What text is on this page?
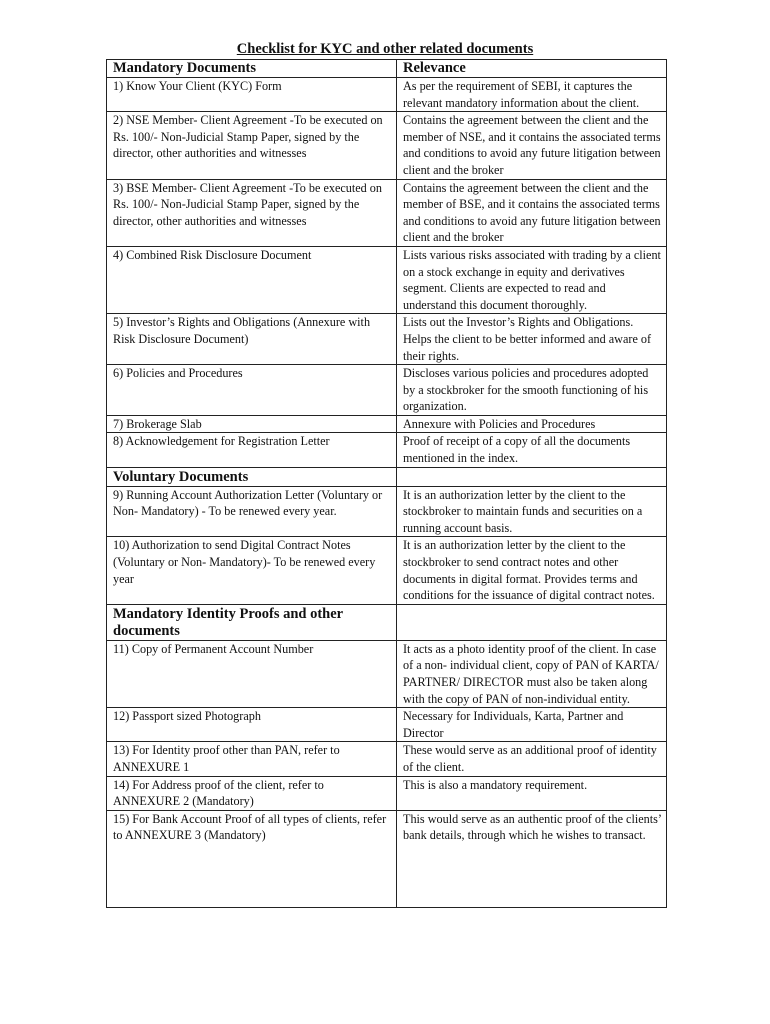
Checklist for KYC and other related documents
Mandatory Documents	Relevance
1) Know Your Client (KYC) Form	As per the requirement of SEBI, it captures the relevant mandatory information about the client.
2) NSE Member- Client Agreement -To be executed on Rs. 100/- Non-Judicial Stamp Paper, signed by the director, other authorities and witnesses	Contains the agreement between the client and the member of NSE, and it contains the associated terms and conditions to avoid any future litigation between client and the broker
3) BSE Member- Client Agreement -To be executed on Rs. 100/- Non-Judicial Stamp Paper, signed by the director, other authorities and witnesses	Contains the agreement between the client and the member of BSE, and it contains the associated terms and conditions to avoid any future litigation between client and the broker
4) Combined Risk Disclosure Document	Lists various risks associated with trading by a client on a stock exchange in equity and derivatives segment. Clients are expected to read and understand this document thoroughly.
5) Investor’s Rights and Obligations (Annexure with Risk Disclosure Document)	Lists out the Investor’s Rights and Obligations. Helps the client to be better informed and aware of their rights.
6) Policies and Procedures	Discloses various policies and procedures adopted by a stockbroker for the smooth functioning of his organization.
7) Brokerage Slab	Annexure with Policies and Procedures
8) Acknowledgement for Registration Letter	Proof of receipt of a copy of all the documents mentioned in the index.
Voluntary Documents	
9) Running Account Authorization Letter (Voluntary or Non- Mandatory) - To be renewed every year.	It is an authorization letter by the client to the stockbroker to maintain funds and securities on a running account basis.
10) Authorization to send Digital Contract Notes (Voluntary or Non- Mandatory)- To be renewed every year	It is an authorization letter by the client to the stockbroker to send contract notes and other documents in digital format. Provides terms and conditions for the issuance of digital contract notes.
Mandatory Identity Proofs and other documents	
11) Copy of Permanent Account Number	It acts as a photo identity proof of the client. In case of a non- individual client, copy of PAN of KARTA/ PARTNER/ DIRECTOR must also be taken along with the copy of PAN of non-individual entity.
12) Passport sized Photograph	Necessary for Individuals, Karta, Partner and Director
13) For Identity proof other than PAN, refer to ANNEXURE 1	These would serve as an additional proof of identity of the client.
14) For Address proof of the client, refer to ANNEXURE 2 (Mandatory)	This is also a mandatory requirement.
15) For Bank Account Proof of all types of clients, refer to ANNEXURE 3 (Mandatory)	This would serve as an authentic proof of the clients’ bank details, through which he wishes to transact.
